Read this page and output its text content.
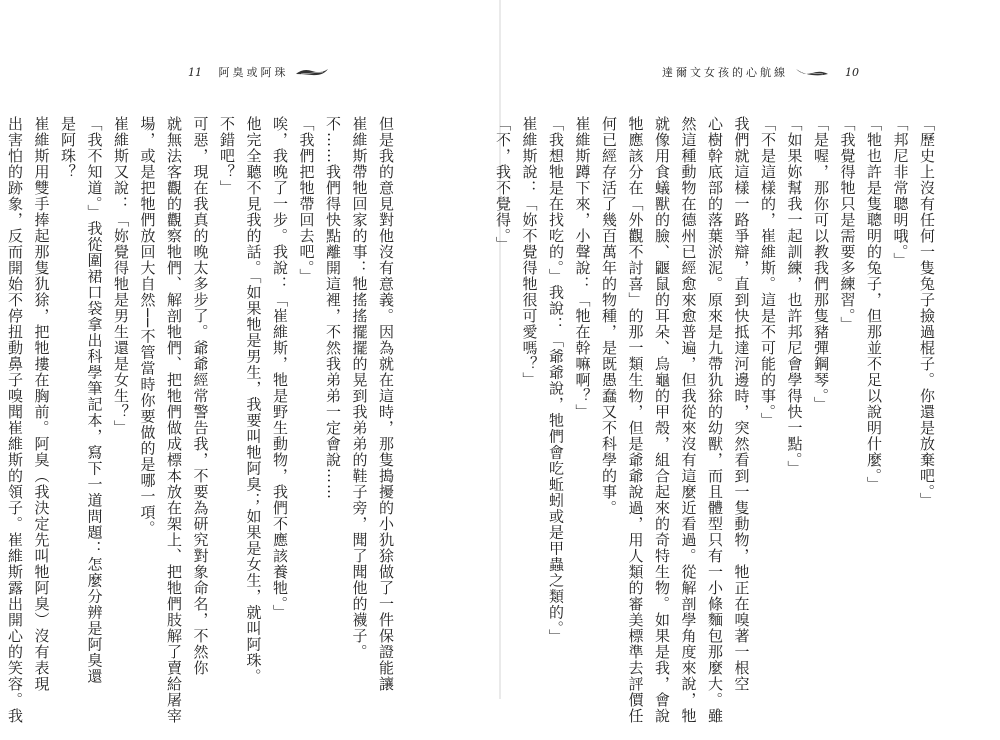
11 阿臭或阿珠
但是我的意見對他沒有意義。因為就在這時，那隻搗擾的小犰狳做了一件保證能讓
崔維斯帶牠回家的事：牠搖搖擺擺的晃到我弟弟的鞋子旁，聞了聞他的襪子。
不……我們得快點離開這裡，不然我弟弟一定會說……
「我們把牠帶回去吧。」
唉，我晚了一步。我說：「崔維斯，牠是野生動物，我們不應該養牠。」
他完全聽不見我的話。「如果牠是男生，我要叫牠阿臭；如果是女生，就叫阿珠。
不錯吧？」
可惡，現在我真的晚太多步了。爺爺經常警告我，不要為研究對象命名，不然你
就無法客觀的觀察牠們、解剖牠們、把牠們做成標本放在架上、把牠們肢解了賣給屠宰
場，或是把牠們放回大自然──不管當時你要做的是哪一項。
崔維斯又說：「妳覺得牠是男生還是女生？」
「我不知道。」我從圍裙口袋拿出科學筆記本，寫下一道問題：怎麼分辨是阿臭還
是阿珠？
崔維斯用雙手捧起那隻犰狳，把牠摟在胸前。阿臭（我決定先叫牠阿臭）沒有表現
出害怕的跡象，反而開始不停扭動鼻子嗅聞崔維斯的領子。崔維斯露出開心的笑容。我
達爾文女孩的心航線	10
「歷史上沒有任何一隻兔子撿過棍子。你還是放棄吧。」
「邦尼非常聰明哦。」
「牠也許是隻聰明的兔子，但那並不足以說明什麼。」
「我覺得牠只是需要多練習。」
「是喔，那你可以教我們那隻豬彈鋼琴。」
「如果妳幫我一起訓練，也許邦尼會學得快一點。」
「不是這樣的，崔維斯。這是不可能的事。」
我們就這樣一路爭辯，直到快抵達河邊時，突然看到一隻動物，牠正在嗅著一根空
心樹幹底部的落葉淤泥。原來是九帶犰狳的幼獸，而且體型只有一小條麵包那麼大。雖
然這種動物在德州已經愈來愈普遍，但我從來沒有這麼近看過。從解剖學角度來說，牠
就像用食蟻獸的臉、鼴鼠的耳朵、烏龜的甲殼，組合起來的奇特生物。如果是我，會說
牠應該分在「外觀不討喜」的那一類生物，但是爺爺說過，用人類的審美標準去評價任
何已經存活了幾百萬年的物種，是既愚蠢又不科學的事。
崔維斯蹲下來，小聲說：「牠在幹嘛啊？」
「我想牠是在找吃的。」我說：「爺爺說，牠們會吃蚯蚓或是甲蟲之類的。」
崔維斯說：「妳不覺得牠很可愛嗎？」
「不，我不覺得。」
